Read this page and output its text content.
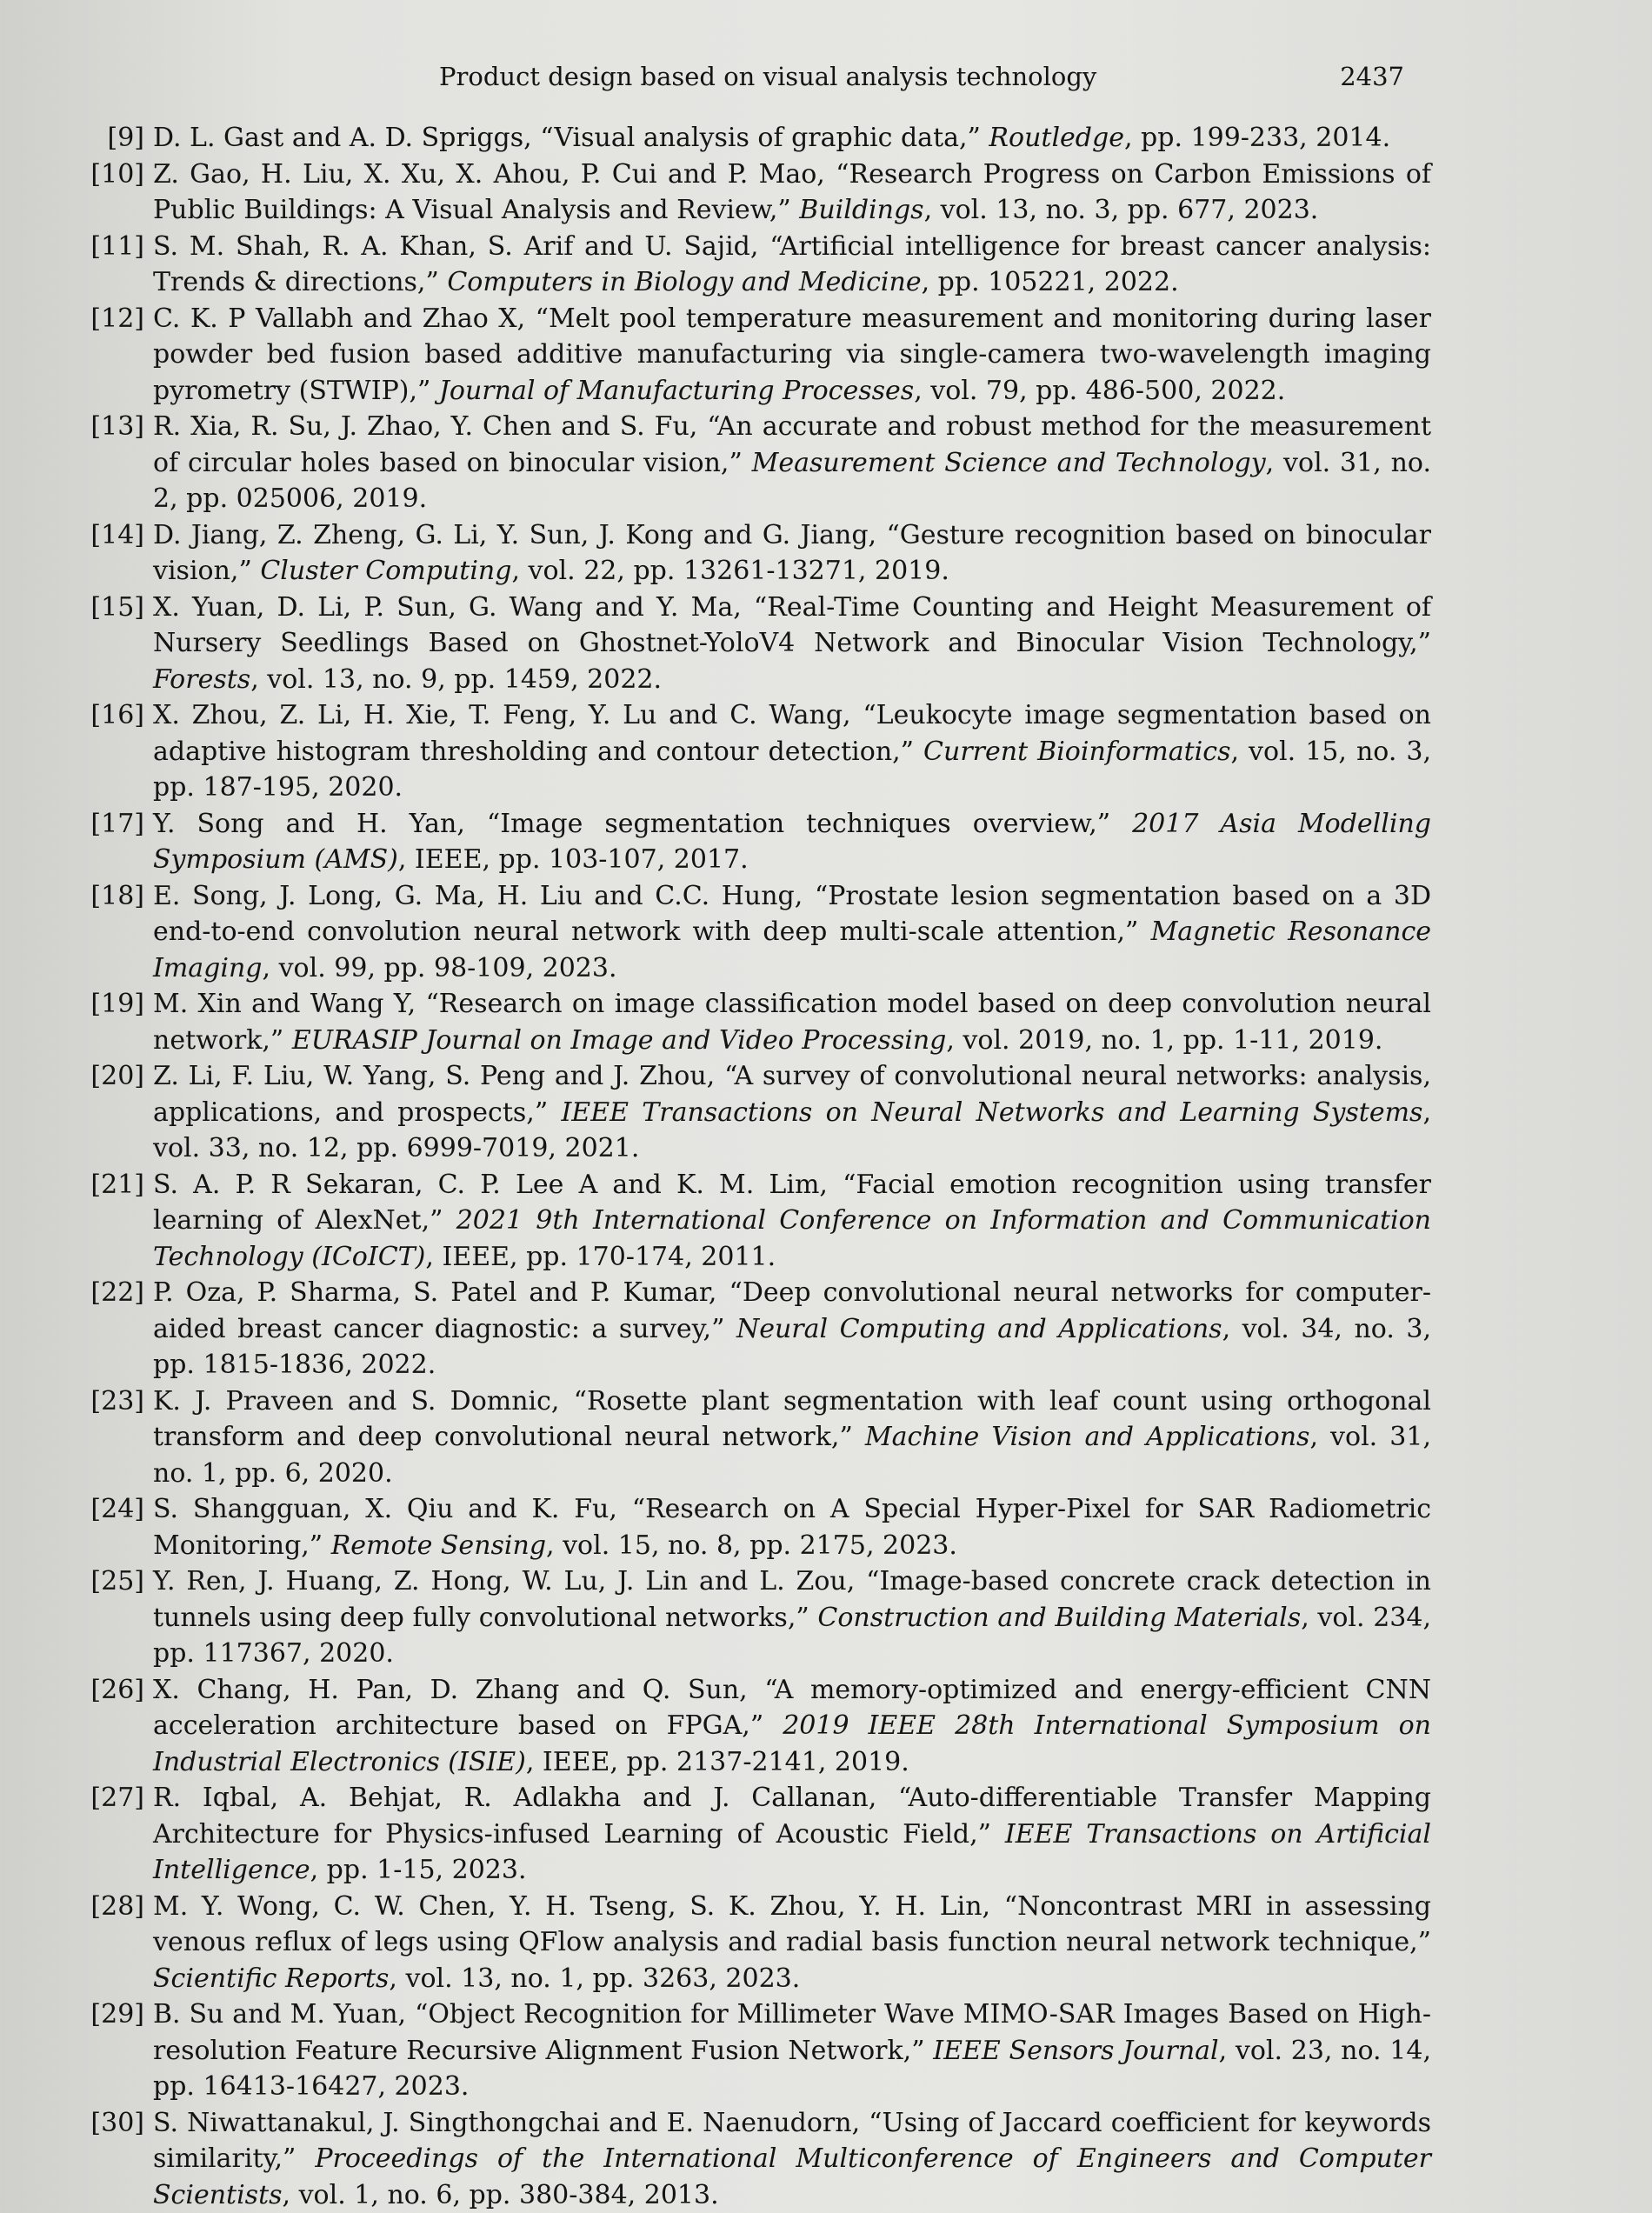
Product design based on visual analysis technology	2437
[9] D. L. Gast and A. D. Spriggs, “Visual analysis of graphic data,” Routledge, pp. 199-233, 2014.
[10] Z. Gao, H. Liu, X. Xu, X. Ahou, P. Cui and P. Mao, “Research Progress on Carbon Emissions of Public Buildings: A Visual Analysis and Review,” Buildings, vol. 13, no. 3, pp. 677, 2023.
[11] S. M. Shah, R. A. Khan, S. Arif and U. Sajid, “Artificial intelligence for breast cancer analysis: Trends & directions,” Computers in Biology and Medicine, pp. 105221, 2022.
[12] C. K. P Vallabh and Zhao X, “Melt pool temperature measurement and monitoring during laser powder bed fusion based additive manufacturing via single-camera two-wavelength imaging pyrometry (STWIP),” Journal of Manufacturing Processes, vol. 79, pp. 486-500, 2022.
[13] R. Xia, R. Su, J. Zhao, Y. Chen and S. Fu, “An accurate and robust method for the measurement of circular holes based on binocular vision,” Measurement Science and Technology, vol. 31, no. 2, pp. 025006, 2019.
[14] D. Jiang, Z. Zheng, G. Li, Y. Sun, J. Kong and G. Jiang, “Gesture recognition based on binocular vision,” Cluster Computing, vol. 22, pp. 13261-13271, 2019.
[15] X. Yuan, D. Li, P. Sun, G. Wang and Y. Ma, “Real-Time Counting and Height Measurement of Nursery Seedlings Based on Ghostnet-YoloV4 Network and Binocular Vision Technology,” Forests, vol. 13, no. 9, pp. 1459, 2022.
[16] X. Zhou, Z. Li, H. Xie, T. Feng, Y. Lu and C. Wang, “Leukocyte image segmentation based on adaptive histogram thresholding and contour detection,” Current Bioinformatics, vol. 15, no. 3, pp. 187-195, 2020.
[17] Y. Song and H. Yan, “Image segmentation techniques overview,” 2017 Asia Modelling Symposium (AMS), IEEE, pp. 103-107, 2017.
[18] E. Song, J. Long, G. Ma, H. Liu and C.C. Hung, “Prostate lesion segmentation based on a 3D end-to-end convolution neural network with deep multi-scale attention,” Magnetic Resonance Imaging, vol. 99, pp. 98-109, 2023.
[19] M. Xin and Wang Y, “Research on image classification model based on deep convolution neural network,” EURASIP Journal on Image and Video Processing, vol. 2019, no. 1, pp. 1-11, 2019.
[20] Z. Li, F. Liu, W. Yang, S. Peng and J. Zhou, “A survey of convolutional neural networks: analysis, applications, and prospects,” IEEE Transactions on Neural Networks and Learning Systems, vol. 33, no. 12, pp. 6999-7019, 2021.
[21] S. A. P. R Sekaran, C. P. Lee A and K. M. Lim, “Facial emotion recognition using transfer learning of AlexNet,” 2021 9th International Conference on Information and Communication Technology (ICoICT), IEEE, pp. 170-174, 2011.
[22] P. Oza, P. Sharma, S. Patel and P. Kumar, “Deep convolutional neural networks for computer-aided breast cancer diagnostic: a survey,” Neural Computing and Applications, vol. 34, no. 3, pp. 1815-1836, 2022.
[23] K. J. Praveen and S. Domnic, “Rosette plant segmentation with leaf count using orthogonal transform and deep convolutional neural network,” Machine Vision and Applications, vol. 31, no. 1, pp. 6, 2020.
[24] S. Shangguan, X. Qiu and K. Fu, “Research on A Special Hyper-Pixel for SAR Radiometric Monitoring,” Remote Sensing, vol. 15, no. 8, pp. 2175, 2023.
[25] Y. Ren, J. Huang, Z. Hong, W. Lu, J. Lin and L. Zou, “Image-based concrete crack detection in tunnels using deep fully convolutional networks,” Construction and Building Materials, vol. 234, pp. 117367, 2020.
[26] X. Chang, H. Pan, D. Zhang and Q. Sun, “A memory-optimized and energy-efficient CNN acceleration architecture based on FPGA,” 2019 IEEE 28th International Symposium on Industrial Electronics (ISIE), IEEE, pp. 2137-2141, 2019.
[27] R. Iqbal, A. Behjat, R. Adlakha and J. Callanan, “Auto-differentiable Transfer Mapping Architecture for Physics-infused Learning of Acoustic Field,” IEEE Transactions on Artificial Intelligence, pp. 1-15, 2023.
[28] M. Y. Wong, C. W. Chen, Y. H. Tseng, S. K. Zhou, Y. H. Lin, “Noncontrast MRI in assessing venous reflux of legs using QFlow analysis and radial basis function neural network technique,” Scientific Reports, vol. 13, no. 1, pp. 3263, 2023.
[29] B. Su and M. Yuan, “Object Recognition for Millimeter Wave MIMO-SAR Images Based on High-resolution Feature Recursive Alignment Fusion Network,” IEEE Sensors Journal, vol. 23, no. 14, pp. 16413-16427, 2023.
[30] S. Niwattanakul, J. Singthongchai and E. Naenudorn, “Using of Jaccard coefficient for keywords similarity,” Proceedings of the International Multiconference of Engineers and Computer Scientists, vol. 1, no. 6, pp. 380-384, 2013.
